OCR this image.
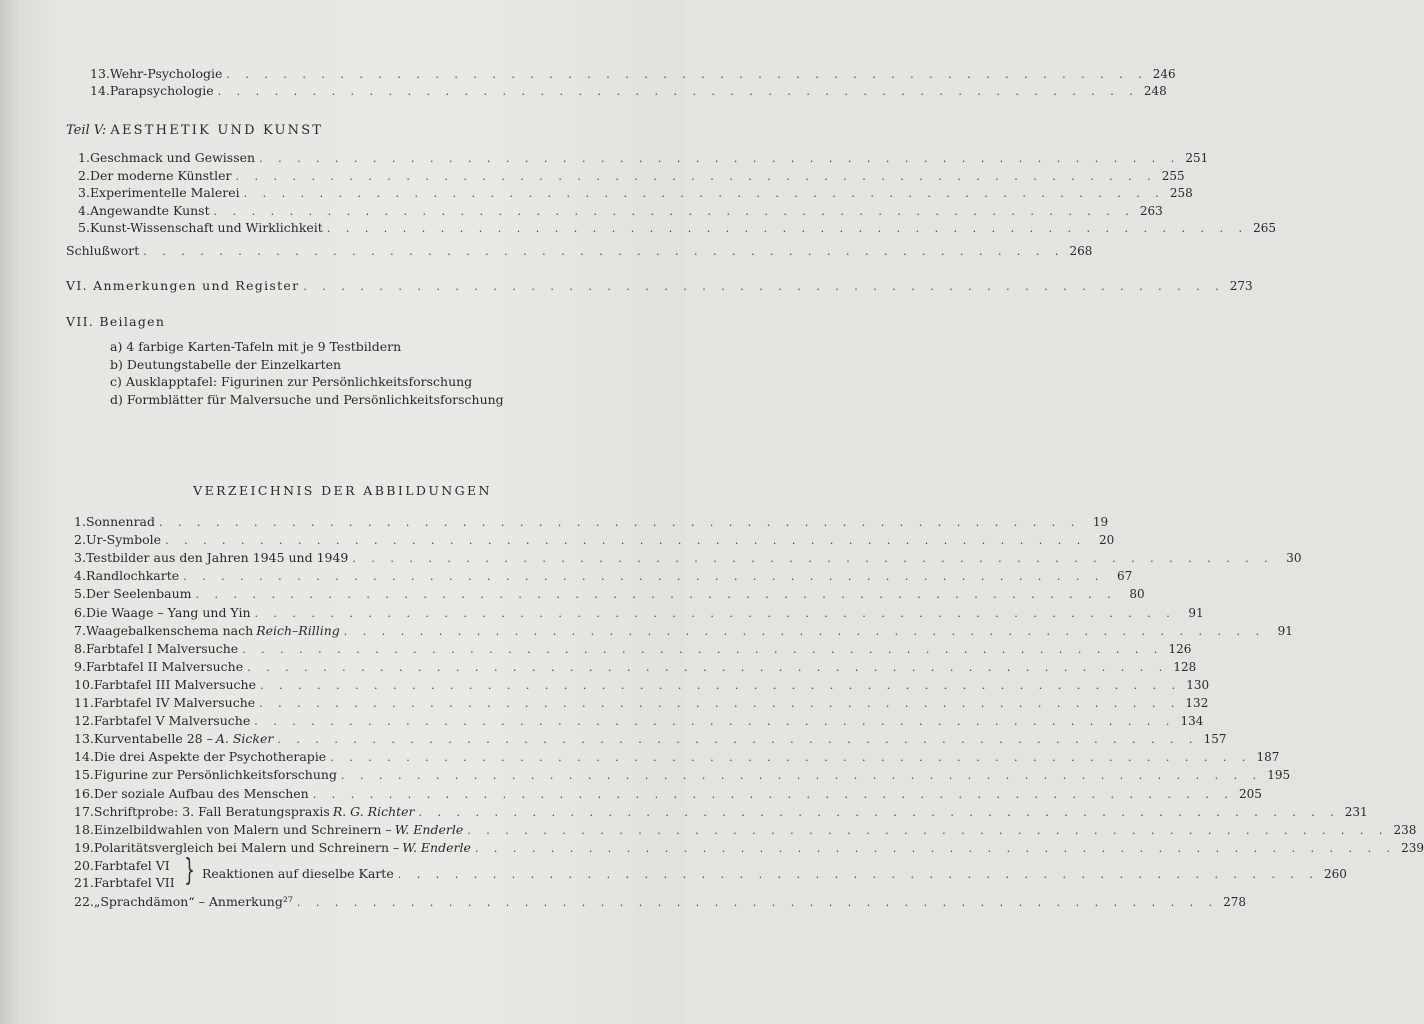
13. Wehr-Psychologie . . . . . . . . . . . . . . . . . . . . . . . . . . . . . . . . . . . . . . . . . . . . . . . . . 246
14. Parapsychologie . . . . . . . . . . . . . . . . . . . . . . . . . . . . . . . . . . . . . . . . . . . . . . . . . 248
Teil V: AESTHETIK UND KUNST
1. Geschmack und Gewissen . . . . . . . . . . . . . . . . . . . . . . . . . . . . . . . . . . . . . . . . . . . . . . . . . 251
2. Der moderne Künstler . . . . . . . . . . . . . . . . . . . . . . . . . . . . . . . . . . . . . . . . . . . . . . . . . 255
3. Experimentelle Malerei . . . . . . . . . . . . . . . . . . . . . . . . . . . . . . . . . . . . . . . . . . . . . . . . . 258
4. Angewandte Kunst . . . . . . . . . . . . . . . . . . . . . . . . . . . . . . . . . . . . . . . . . . . . . . . . . 263
5. Kunst-Wissenschaft und Wirklichkeit . . . . . . . . . . . . . . . . . . . . . . . . . . . . . . . . . . . . . . . . . . . . . . . . . 265
Schlußwort . . . . . . . . . . . . . . . . . . . . . . . . . . . . . . . . . . . . . . . . . . . . . . . . . 268
VI. Anmerkungen und Register . . . . . . . . . . . . . . . . . . . . . . . . . . . . . . . . . . . . . . . . . . . . . . . . . 273
VII. Beilagen
a) 4 farbige Karten-Tafeln mit je 9 Testbildern
b) Deutungstabelle der Einzelkarten
c) Ausklapptafel: Figurinen zur Persönlichkeitsforschung
d) Formblätter für Malversuche und Persönlichkeitsforschung
VERZEICHNIS DER ABBILDUNGEN
1. Sonnenrad . . . . . . . . . . . . . . . . . . . . . . . . . . . . . . . . . . . . . . . . . . . . . . . . .	19
2. Ur-Symbole . . . . . . . . . . . . . . . . . . . . . . . . . . . . . . . . . . . . . . . . . . . . . . . . .	20
3. Testbilder aus den Jahren 1945 und 1949 . . . . . . . . . . . . . . . . . . . . . . . . . . . . . . . . . . . . . . . . . . . . . . . . .	30
4. Randlochkarte . . . . . . . . . . . . . . . . . . . . . . . . . . . . . . . . . . . . . . . . . . . . . . . . .	67
5. Der Seelenbaum . . . . . . . . . . . . . . . . . . . . . . . . . . . . . . . . . . . . . . . . . . . . . . . . .	80
6. Die Waage – Yang und Yin . . . . . . . . . . . . . . . . . . . . . . . . . . . . . . . . . . . . . . . . . . . . . . . . .	91
7. Waagebalkenschema nach Reich–Rilling . . . . . . . . . . . . . . . . . . . . . . . . . . . . . . . . . . . . . . . . . . . . . . . . .	91
8. Farbtafel I Malversuche . . . . . . . . . . . . . . . . . . . . . . . . . . . . . . . . . . . . . . . . . . . . . . . . . 126
9. Farbtafel II Malversuche . . . . . . . . . . . . . . . . . . . . . . . . . . . . . . . . . . . . . . . . . . . . . . . . . 128
10. Farbtafel III Malversuche . . . . . . . . . . . . . . . . . . . . . . . . . . . . . . . . . . . . . . . . . . . . . . . . . 130
11. Farbtafel IV Malversuche . . . . . . . . . . . . . . . . . . . . . . . . . . . . . . . . . . . . . . . . . . . . . . . . . 132
12. Farbtafel V Malversuche . . . . . . . . . . . . . . . . . . . . . . . . . . . . . . . . . . . . . . . . . . . . . . . . . 134
13. Kurventabelle 28 – A. Sicker . . . . . . . . . . . . . . . . . . . . . . . . . . . . . . . . . . . . . . . . . . . . . . . . . 157
14. Die drei Aspekte der Psychotherapie . . . . . . . . . . . . . . . . . . . . . . . . . . . . . . . . . . . . . . . . . . . . . . . . . 187
15. Figurine zur Persönlichkeitsforschung . . . . . . . . . . . . . . . . . . . . . . . . . . . . . . . . . . . . . . . . . . . . . . . . . 195
16. Der soziale Aufbau des Menschen . . . . . . . . . . . . . . . . . . . . . . . . . . . . . . . . . . . . . . . . . . . . . . . . . 205
17. Schriftprobe: 3. Fall Beratungspraxis R. G. Richter . . . . . . . . . . . . . . . . . . . . . . . . . . . . . . . . . . . . . . . . . . . . . . . . . 231
18. Einzelbildwahlen von Malern und Schreinern – W. Enderle . . . . . . . . . . . . . . . . . . . . . . . . . . . . . . . . . . . . . . . . . . . . . . . . . 238
19. Polaritätsvergleich bei Malern und Schreinern – W. Enderle . . . . . . . . . . . . . . . . . . . . . . . . . . . . . . . . . . . . . . . . . . . . . . . . . 239
20. Farbtafel VI
21. Farbtafel VII } Reaktionen auf dieselbe Karte . . . . . . . . . . . . . . . . . . . . . . . . . . . . . . . . . . . . . . . . . . . . . . . . . 260
22. „Sprachdämon“ – Anmerkung²⁷ . . . . . . . . . . . . . . . . . . . . . . . . . . . . . . . . . . . . . . . . . . . . . . . . . 278
